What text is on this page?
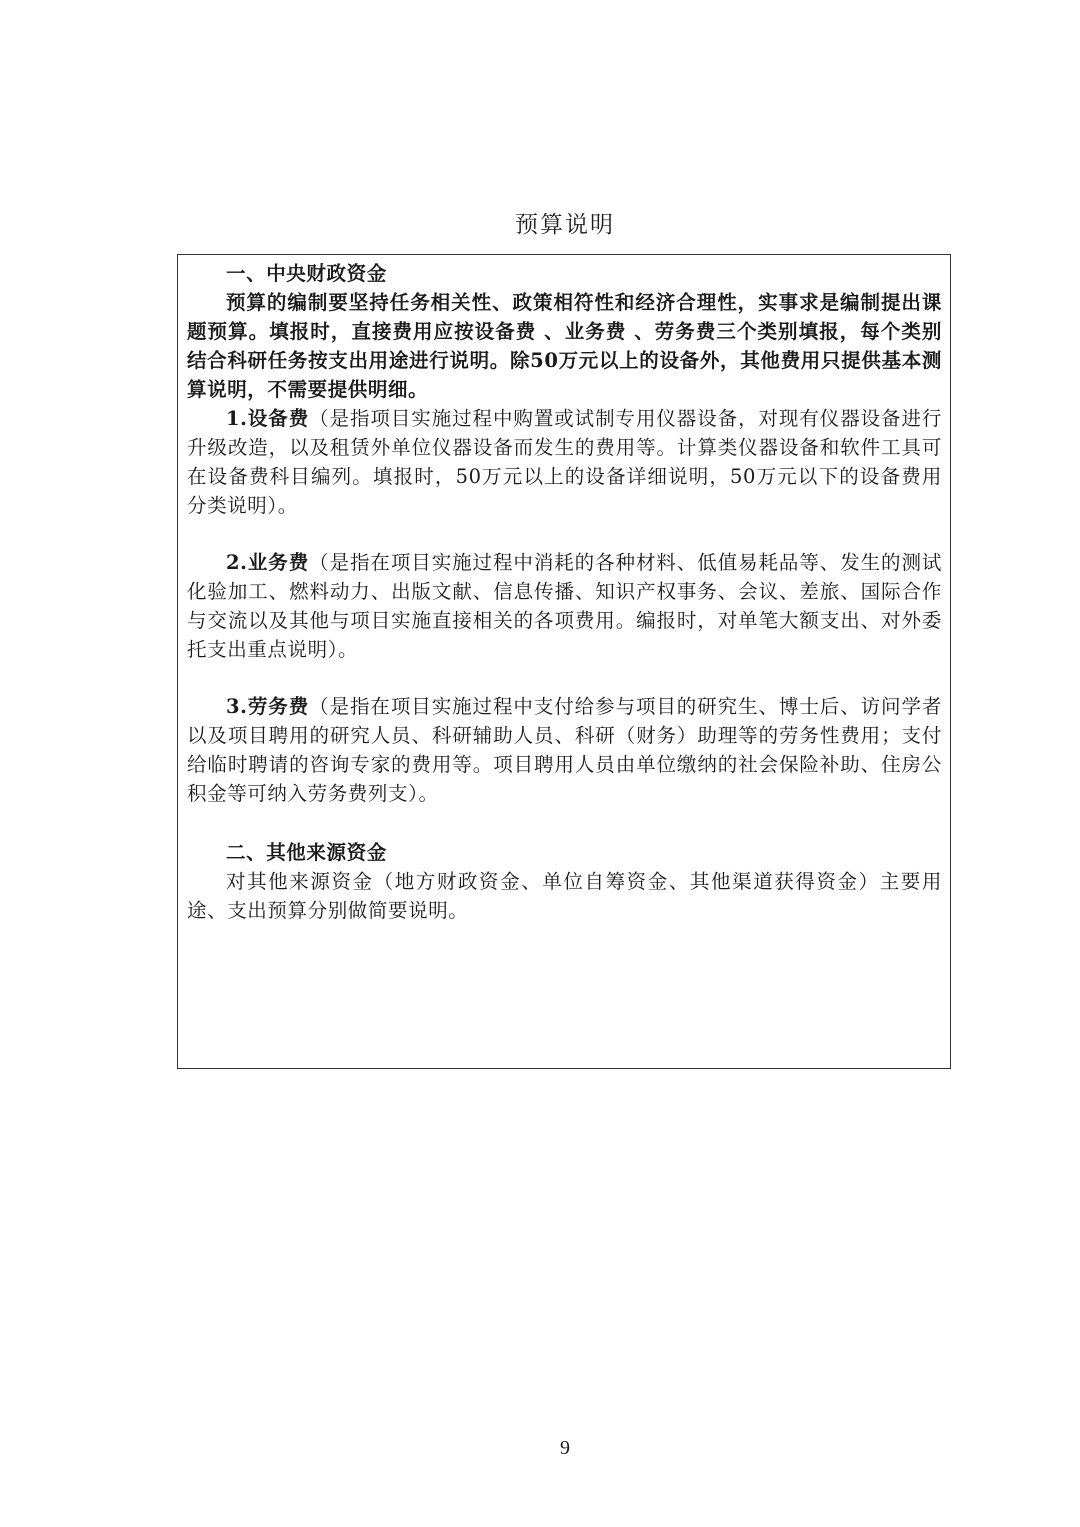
预算说明

一、中央财政资金

预算的编制要坚持任务相关性、政策相符性和经济合理性，实事求是编制提出课题预算。填报时，直接费用应按设备费 、业务费 、劳务费三个类别填报，每个类别结合科研任务按支出用途进行说明。除50万元以上的设备外，其他费用只提供基本测算说明，不需要提供明细。

1.设备费（是指项目实施过程中购置或试制专用仪器设备，对现有仪器设备进行升级改造，以及租赁外单位仪器设备而发生的费用等。计算类仪器设备和软件工具可在设备费科目编列。填报时，50万元以上的设备详细说明，50万元以下的设备费用分类说明）。

2.业务费（是指在项目实施过程中消耗的各种材料、低值易耗品等、发生的测试化验加工、燃料动力、出版文献、信息传播、知识产权事务、会议、差旅、国际合作与交流以及其他与项目实施直接相关的各项费用。编报时，对单笔大额支出、对外委托支出重点说明）。

3.劳务费（是指在项目实施过程中支付给参与项目的研究生、博士后、访问学者以及项目聘用的研究人员、科研辅助人员、科研（财务）助理等的劳务性费用；支付给临时聘请的咨询专家的费用等。项目聘用人员由单位缴纳的社会保险补助、住房公积金等可纳入劳务费列支）。

二、其他来源资金

对其他来源资金（地方财政资金、单位自筹资金、其他渠道获得资金）主要用途、支出预算分别做简要说明。

9
